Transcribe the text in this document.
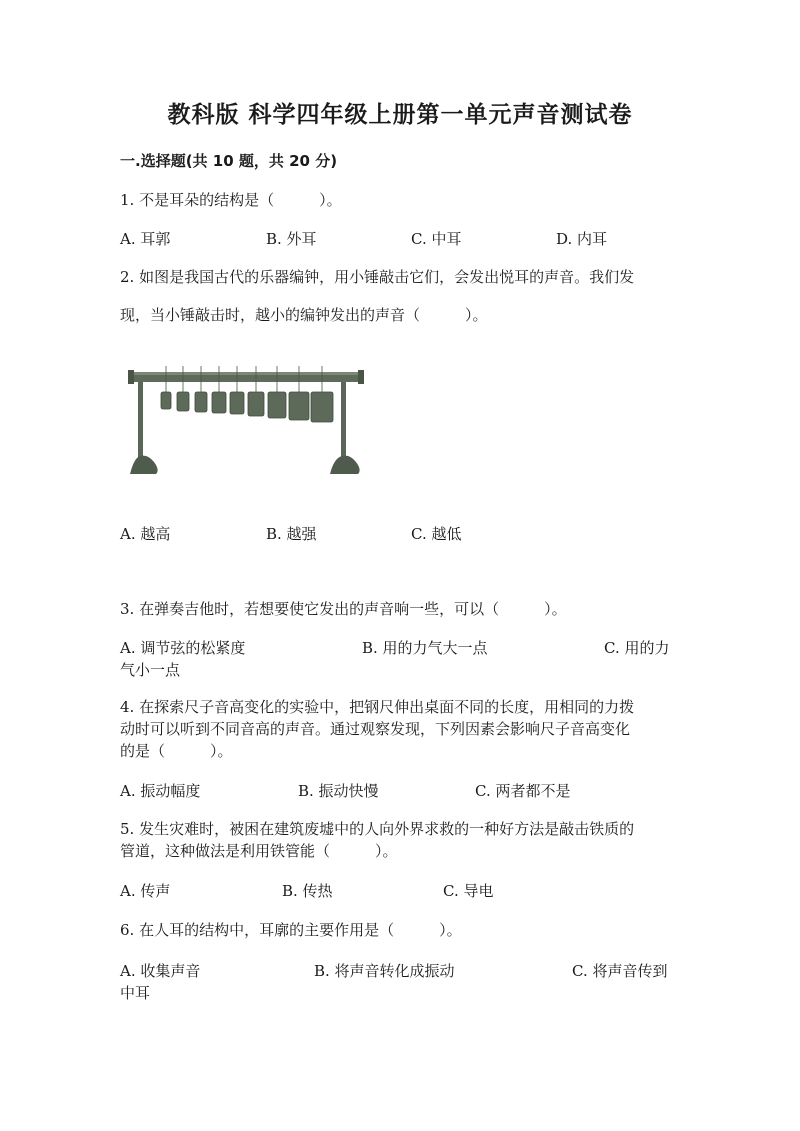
教科版 科学四年级上册第一单元声音测试卷
一.选择题(共 10 题，共 20 分)
1. 不是耳朵的结构是（　　　）。
A. 耳郭	B. 外耳	C. 中耳	D. 内耳
2. 如图是我国古代的乐器编钟，用小锤敲击它们，会发出悦耳的声音。我们发
现，当小锤敲击时，越小的编钟发出的声音（　　　）。
A. 越高	B. 越强	C. 越低
3. 在弹奏吉他时，若想要使它发出的声音响一些，可以（　　　）。
A. 调节弦的松紧度	B. 用的力气大一点	C. 用的力
气小一点
4. 在探索尺子音高变化的实验中，把钢尺伸出桌面不同的长度，用相同的力拨
动时可以听到不同音高的声音。通过观察发现，下列因素会影响尺子音高变化
的是（　　　）。
A. 振动幅度	B. 振动快慢	C. 两者都不是
5. 发生灾难时，被困在建筑废墟中的人向外界求救的一种好方法是敲击铁质的
管道，这种做法是利用铁管能（　　　）。
A. 传声	B. 传热	C. 导电
6. 在人耳的结构中，耳廓的主要作用是（　　　）。
A. 收集声音	B. 将声音转化成振动	C. 将声音传到
中耳
